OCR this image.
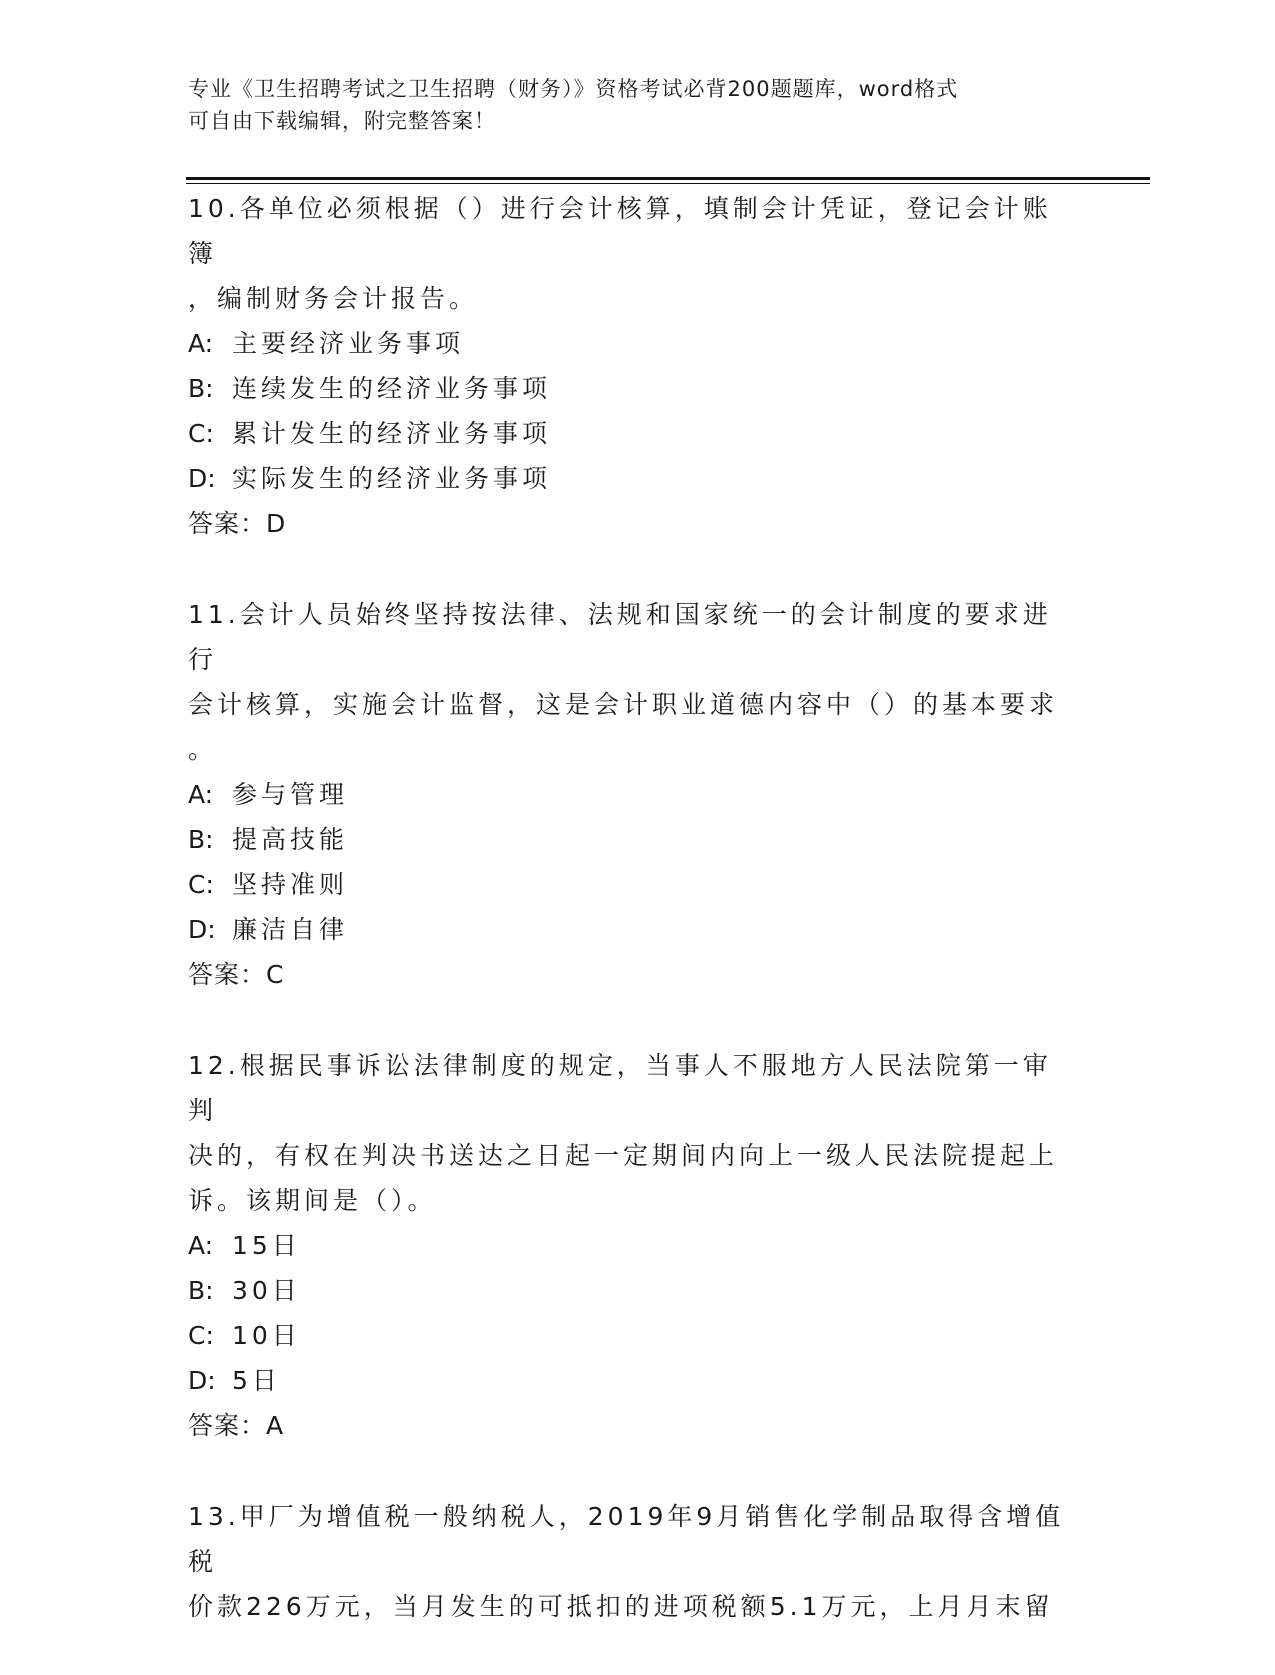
专业《卫生招聘考试之卫生招聘（财务）》资格考试必背200题题库，word格式
可自由下载编辑，附完整答案！

10.各单位必须根据（）进行会计核算，填制会计凭证，登记会计账簿

，编制财务会计报告。

A: 主要经济业务事项

B: 连续发生的经济业务事项

C: 累计发生的经济业务事项

D: 实际发生的经济业务事项

答案：D

11.会计人员始终坚持按法律、法规和国家统一的会计制度的要求进行

会计核算，实施会计监督，这是会计职业道德内容中（）的基本要求

。

A: 参与管理

B: 提高技能

C: 坚持准则

D: 廉洁自律

答案：C

12.根据民事诉讼法律制度的规定，当事人不服地方人民法院第一审判

决的，有权在判决书送达之日起一定期间内向上一级人民法院提起上

诉。该期间是（）。

A: 15日

B: 30日

C: 10日

D: 5日

答案：A

13.甲厂为增值税一般纳税人，2019年9月销售化学制品取得含增值税

价款226万元，当月发生的可抵扣的进项税额5.1万元，上月月末留
